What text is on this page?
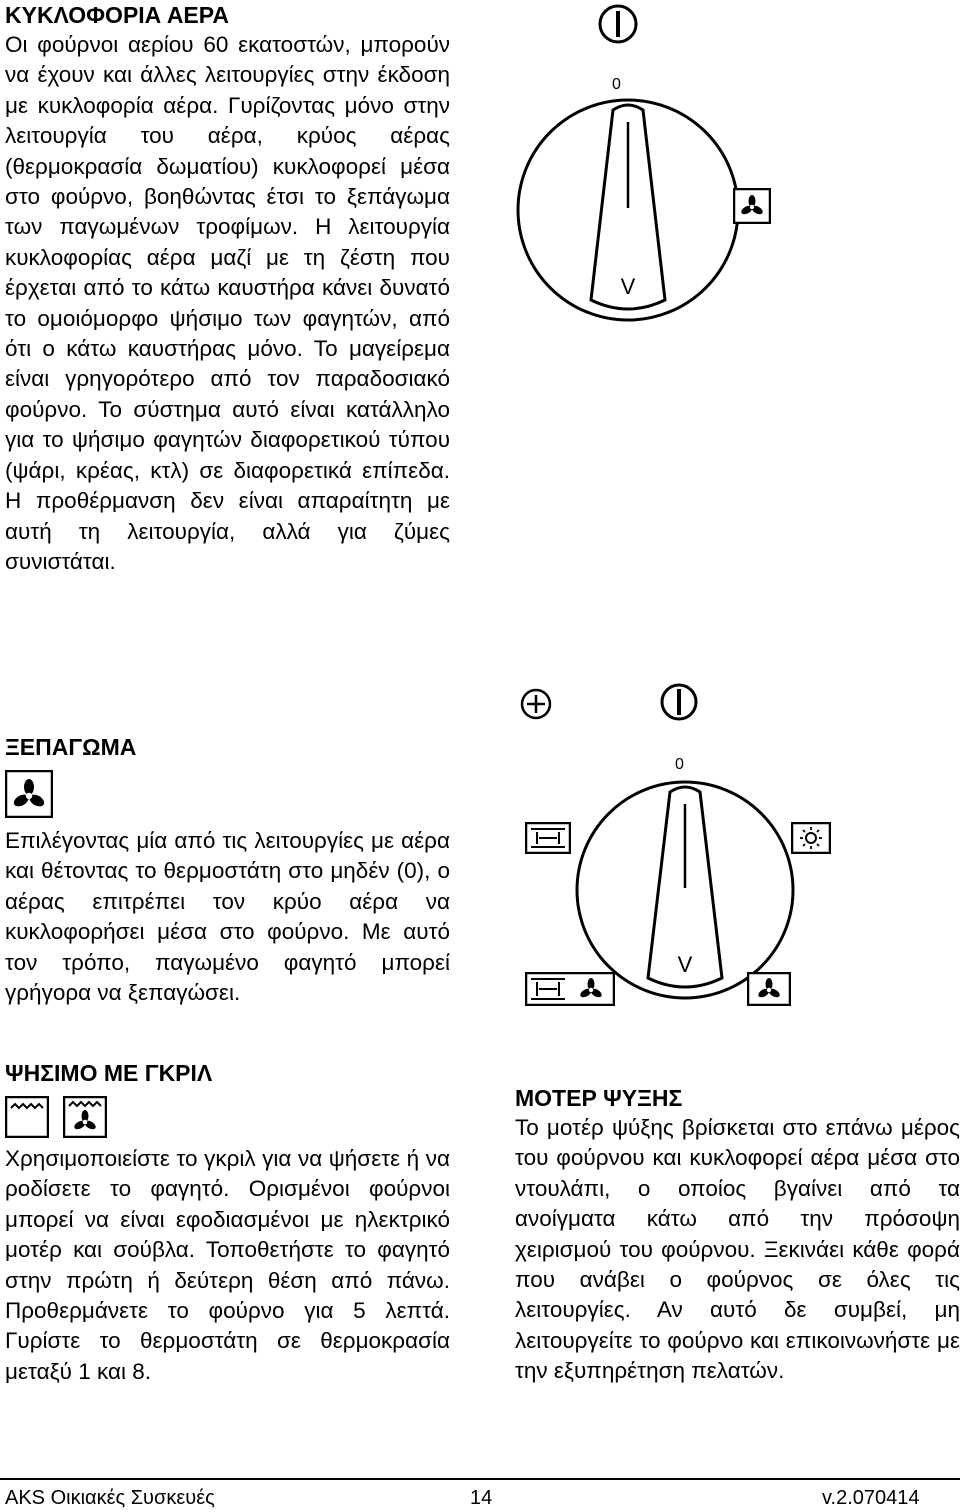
ΚΥΚΛΟΦΟΡΙΑ ΑΕΡΑ
Οι φούρνοι αερίου 60 εκατοστών, μπορούν να έχουν και άλλες λειτουργίες στην έκδοση με κυκλοφορία αέρα. Γυρίζοντας μόνο στην λειτουργία του αέρα, κρύος αέρας (θερμοκρασία δωματίου) κυκλοφορεί μέσα στο φούρνο, βοηθώντας έτσι το ξεπάγωμα των παγωμένων τροφίμων. Η λειτουργία κυκλοφορίας αέρα μαζί με τη ζέστη που έρχεται από το κάτω καυστήρα κάνει δυνατό το ομοιόμορφο ψήσιμο των φαγητών, από ότι ο κάτω καυστήρας μόνο. Το μαγείρεμα είναι γρηγορότερο από τον παραδοσιακό φούρνο. Το σύστημα αυτό είναι κατάλληλο για το ψήσιμο φαγητών διαφορετικού τύπου (ψάρι, κρέας, κτλ) σε διαφορετικά επίπεδα. Η προθέρμανση δεν είναι απαραίτητη με αυτή τη λειτουργία, αλλά για ζύμες συνιστάται.
ΞΕΠΑΓΩΜΑ
Επιλέγοντας μία από τις λειτουργίες με αέρα και θέτοντας το θερμοστάτη στο μηδέν (0), ο αέρας επιτρέπει τον κρύο αέρα να κυκλοφορήσει μέσα στο φούρνο. Με αυτό τον τρόπο, παγωμένο φαγητό μπορεί γρήγορα να ξεπαγώσει.
ΨΗΣΙΜΟ ΜΕ ΓΚΡΙΛ
Χρησιμοποιείστε το γκριλ για να ψήσετε ή να ροδίσετε το φαγητό. Ορισμένοι φούρνοι μπορεί να είναι εφοδιασμένοι με ηλεκτρικό μοτέρ και σούβλα. Τοποθετήστε το φαγητό στην πρώτη ή δεύτερη θέση από πάνω. Προθερμάνετε το φούρνο για 5 λεπτά. Γυρίστε το θερμοστάτη σε θερμοκρασία μεταξύ 1 και 8.
V
0
V
0
ΜΟΤΕΡ ΨΥΞΗΣ
Το μοτέρ ψύξης βρίσκεται στο επάνω μέρος του φούρνου και κυκλοφορεί αέρα μέσα στο ντουλάπι, ο οποίος βγαίνει από τα ανοίγματα κάτω από την πρόσοψη χειρισμού του φούρνου. Ξεκινάει κάθε φορά που ανάβει ο φούρνος σε όλες τις λειτουργίες. Αν αυτό δε συμβεί, μη λειτουργείτε το φούρνο και επικοινωνήστε με την εξυπηρέτηση πελατών.
AKS Οικιακές Συσκευές	14	v.2.070414
